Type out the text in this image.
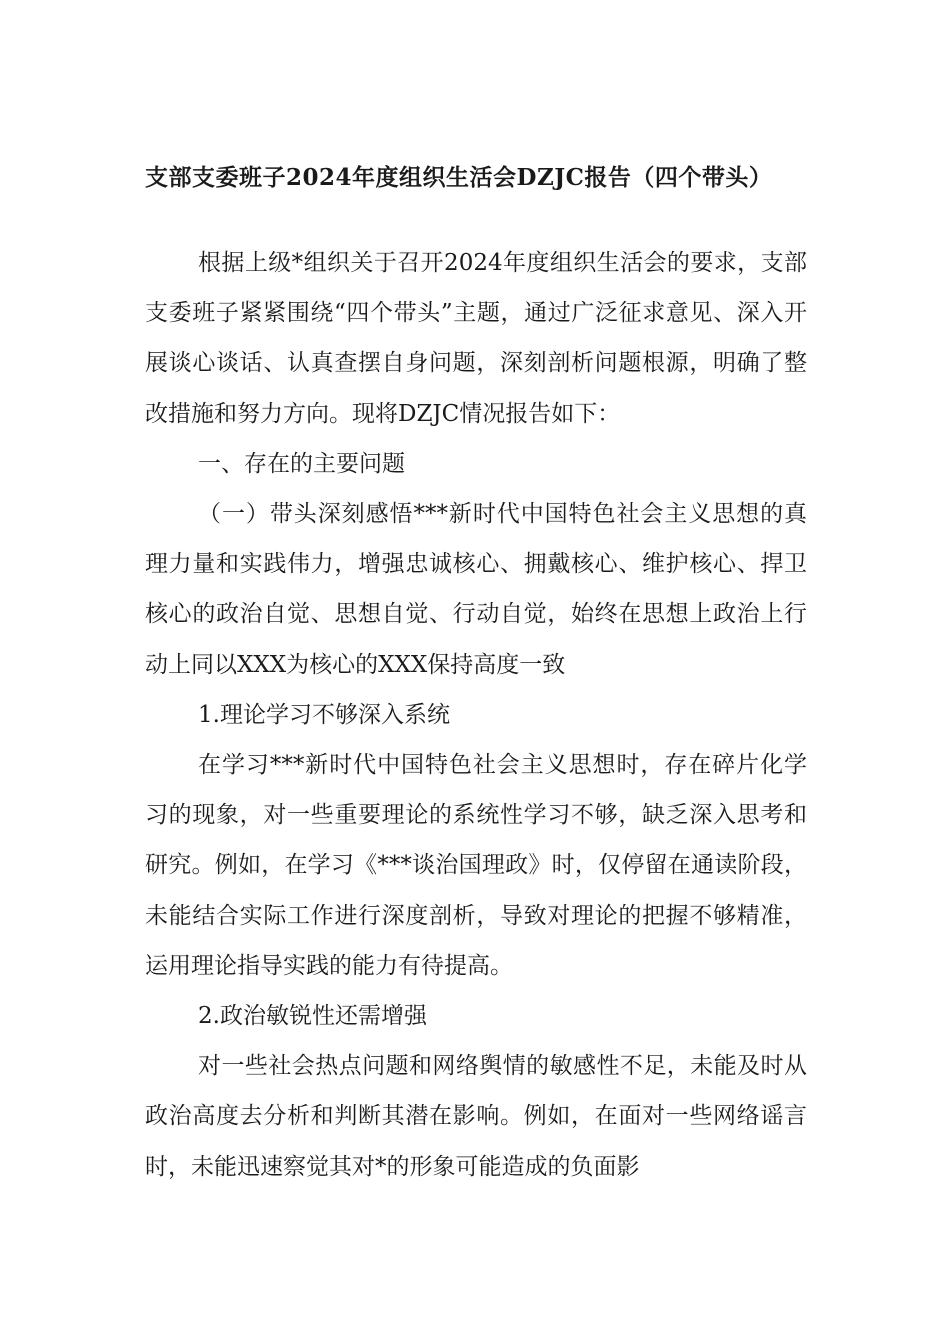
支部支委班子2024年度组织生活会DZJC报告（四个带头）

根据上级*组织关于召开2024年度组织生活会的要求，支部支委班子紧紧围绕“四个带头”主题，通过广泛征求意见、深入开展谈心谈话、认真查摆自身问题，深刻剖析问题根源，明确了整改措施和努力方向。现将DZJC情况报告如下：

一、存在的主要问题

（一）带头深刻感悟***新时代中国特色社会主义思想的真理力量和实践伟力，增强忠诚核心、拥戴核心、维护核心、捍卫核心的政治自觉、思想自觉、行动自觉，始终在思想上政治上行动上同以XXX为核心的XXX保持高度一致

1.理论学习不够深入系统

在学习***新时代中国特色社会主义思想时，存在碎片化学习的现象，对一些重要理论的系统性学习不够，缺乏深入思考和研究。例如，在学习《***谈治国理政》时，仅停留在通读阶段，未能结合实际工作进行深度剖析，导致对理论的把握不够精准，运用理论指导实践的能力有待提高。

2.政治敏锐性还需增强

对一些社会热点问题和网络舆情的敏感性不足，未能及时从政治高度去分析和判断其潜在影响。例如，在面对一些网络谣言时，未能迅速察觉其对*的形象可能造成的负面影
